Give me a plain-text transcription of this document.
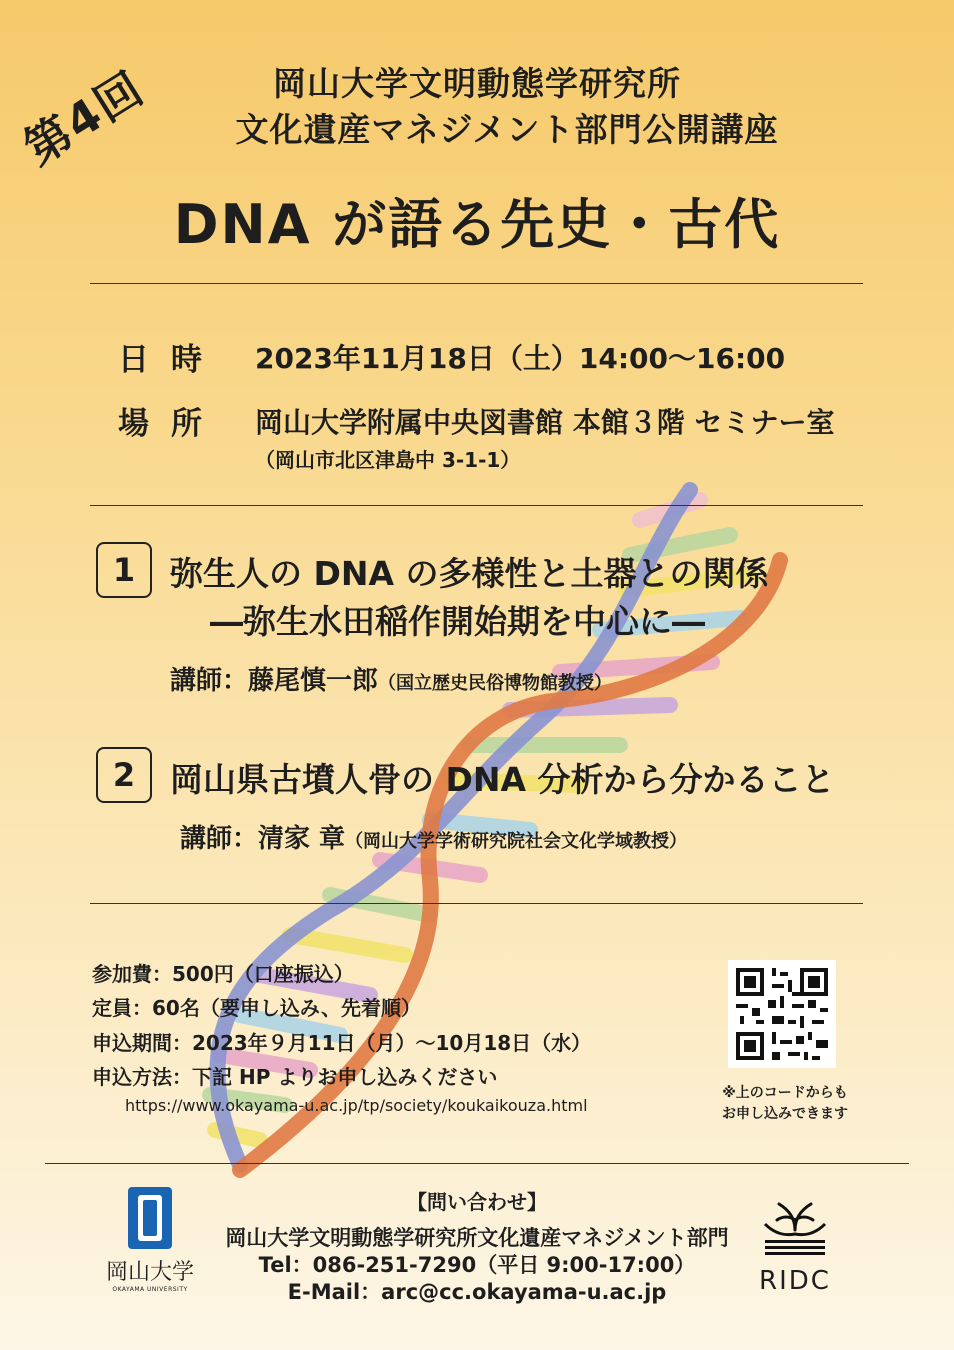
岡山大学文明動態学研究所
文化遺産マネジメント部門公開講座
第4回
DNA が語る先史・古代
日時 2023年11月18日（土）14:00～16:00
場所 岡山大学附属中央図書館 本館３階 セミナー室
（岡山市北区津島中 3-1-1）
1	弥生人の DNA の多様性と土器との関係
―弥生水田稲作開始期を中心に―
講師：藤尾慎一郎（国立歴史民俗博物館教授）
2	岡山県古墳人骨の DNA 分析から分かること
講師：清家 章（岡山大学学術研究院社会文化学域教授）
参加費：500円（口座振込）
定員：60名（要申し込み、先着順）
申込期間：2023年９月11日（月）～10月18日（水）
申込方法：下記 HP よりお申し込みください
https://www.okayama-u.ac.jp/tp/society/koukaikouza.html
※上のコードからも
お申し込みできます
【問い合わせ】
岡山大学文明動態学研究所文化遺産マネジメント部門
Tel：086-251-7290（平日 9:00-17:00）
E-Mail：arc@cc.okayama-u.ac.jp
岡山大学
OKAYAMA UNIVERSITY	RIDC
